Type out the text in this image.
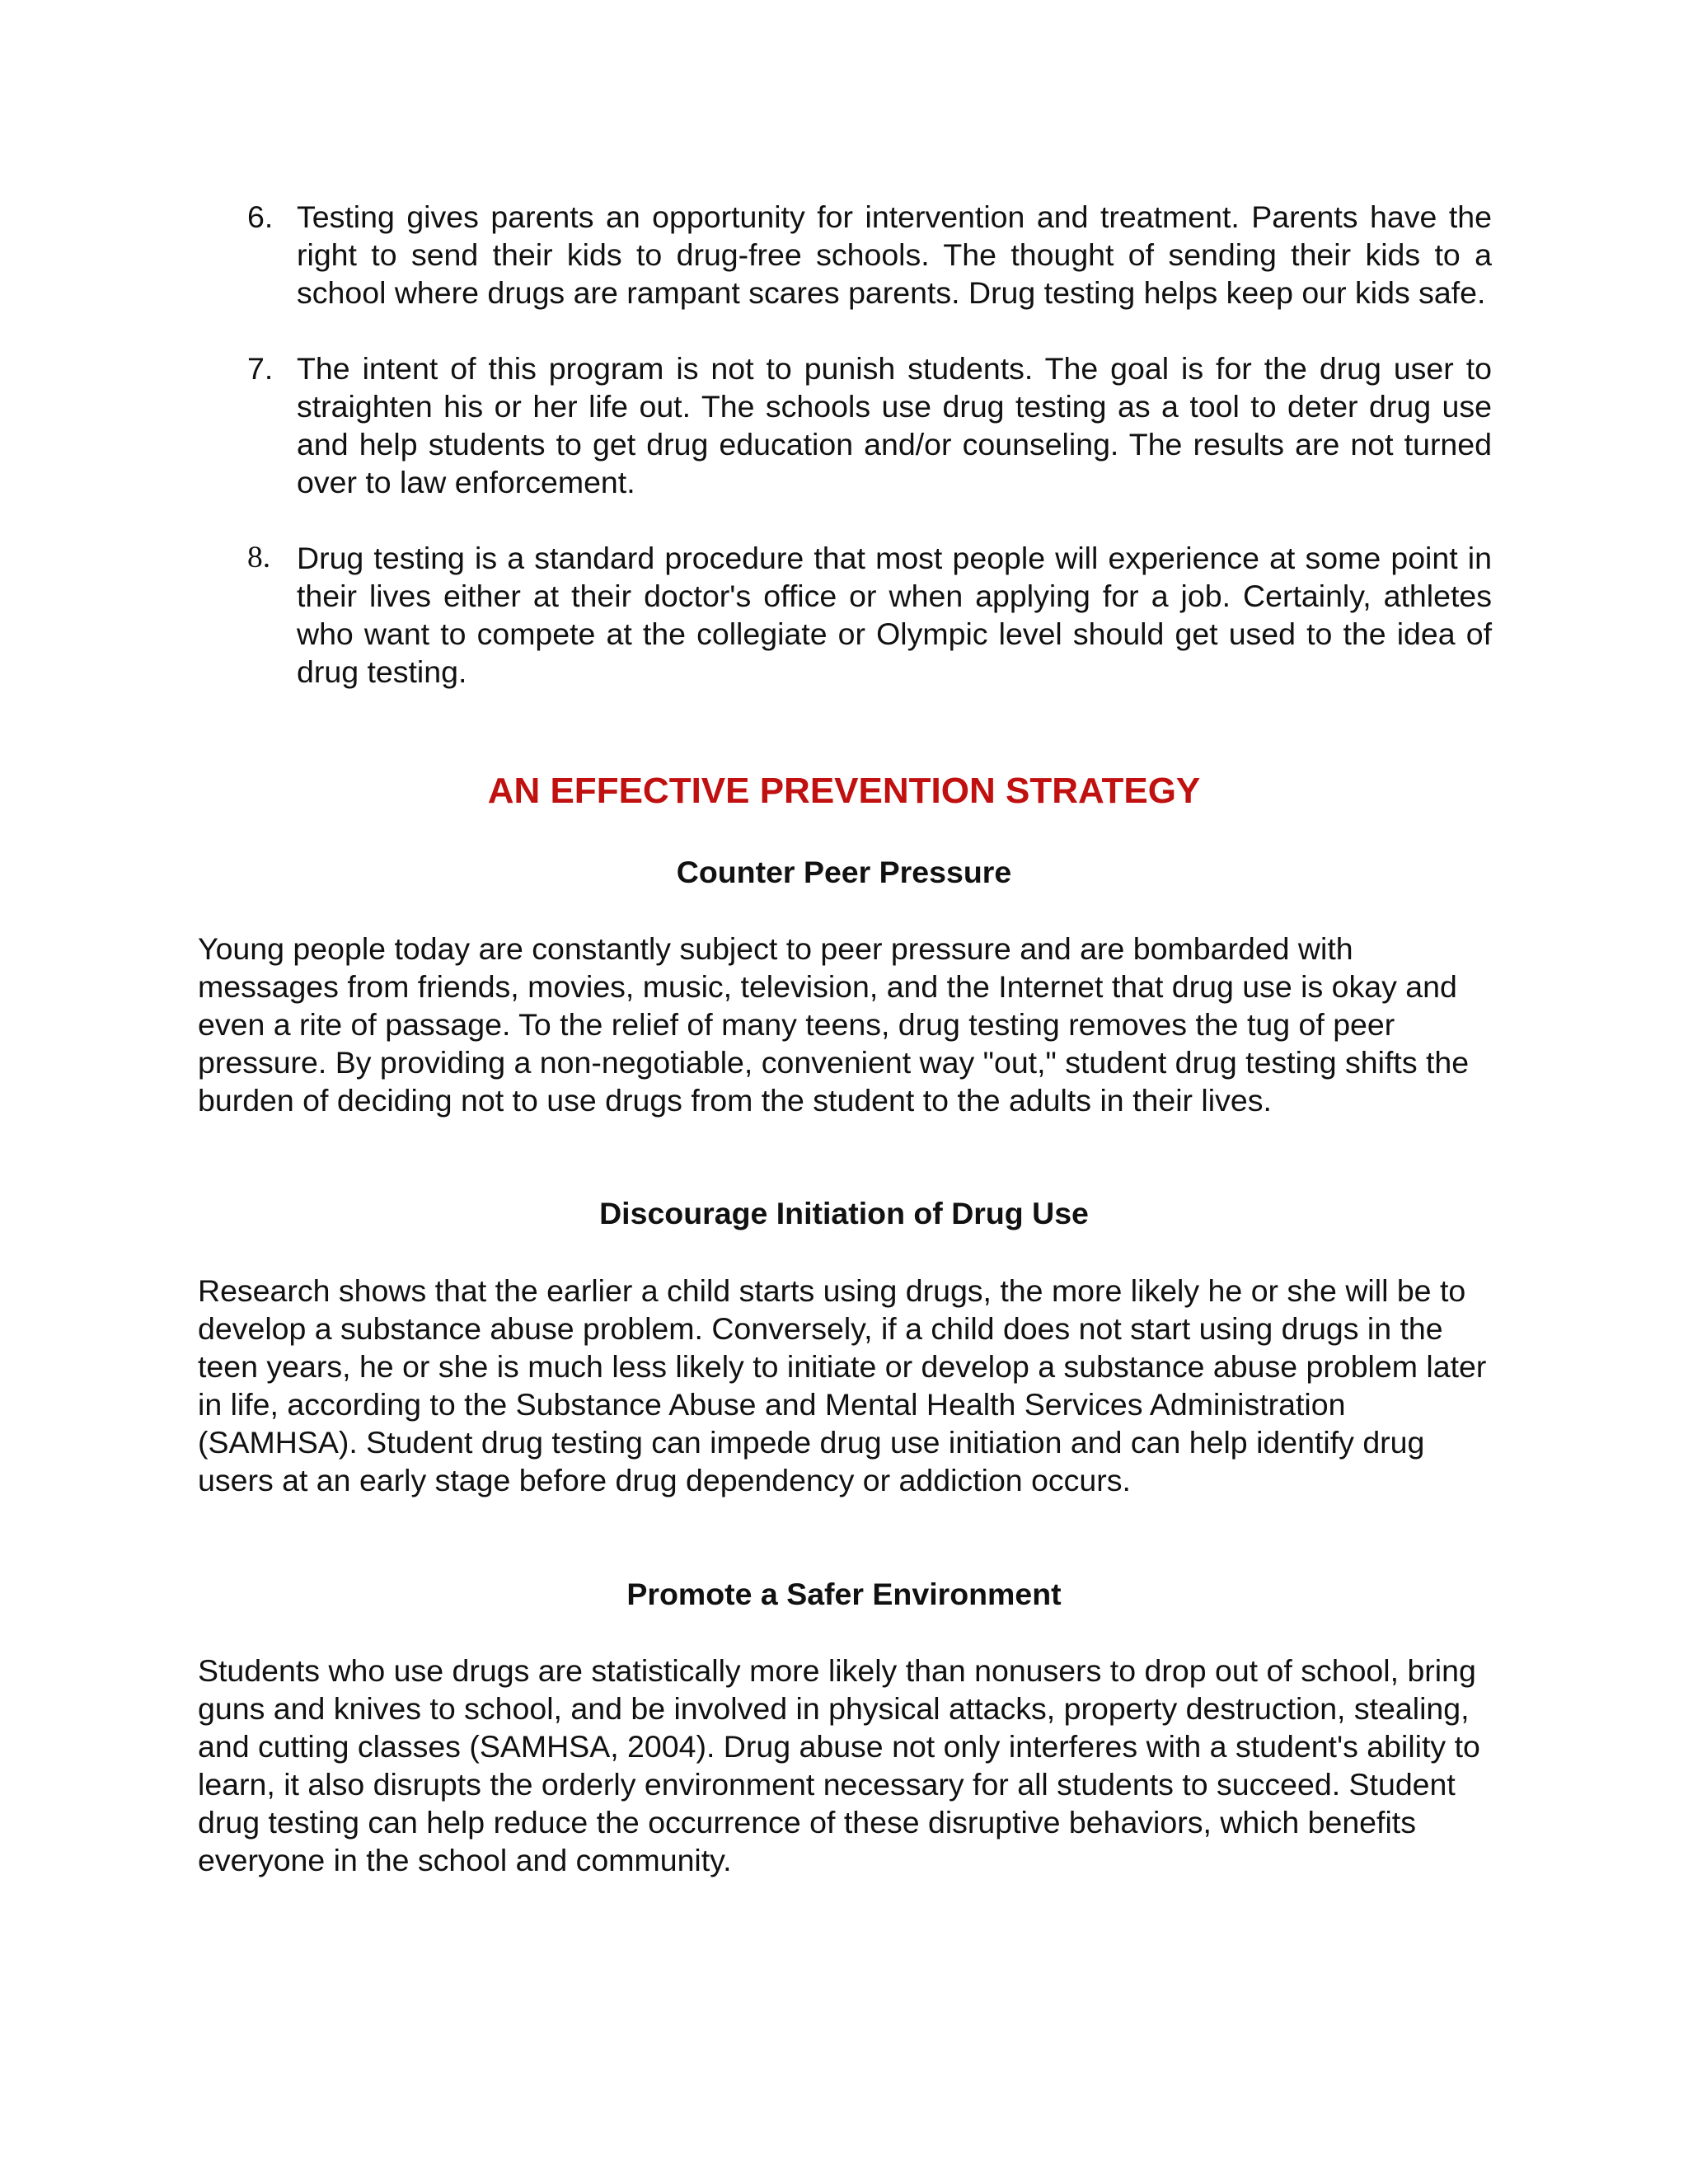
6. Testing gives parents an opportunity for intervention and treatment. Parents have the right to send their kids to drug-free schools. The thought of sending their kids to a school where drugs are rampant scares parents. Drug testing helps keep our kids safe.
7. The intent of this program is not to punish students. The goal is for the drug user to straighten his or her life out. The schools use drug testing as a tool to deter drug use and help students to get drug education and/or counseling. The results are not turned over to law enforcement.
8. Drug testing is a standard procedure that most people will experience at some point in their lives either at their doctor's office or when applying for a job. Certainly, athletes who want to compete at the collegiate or Olympic level should get used to the idea of drug testing.
AN EFFECTIVE PREVENTION STRATEGY
Counter Peer Pressure

Young people today are constantly subject to peer pressure and are bombarded with messages from friends, movies, music, television, and the Internet that drug use is okay and even a rite of passage. To the relief of many teens, drug testing removes the tug of peer pressure. By providing a non-negotiable, convenient way "out," student drug testing shifts the burden of deciding not to use drugs from the student to the adults in their lives.

Discourage Initiation of Drug Use

Research shows that the earlier a child starts using drugs, the more likely he or she will be to develop a substance abuse problem. Conversely, if a child does not start using drugs in the teen years, he or she is much less likely to initiate or develop a substance abuse problem later in life, according to the Substance Abuse and Mental Health Services Administration (SAMHSA). Student drug testing can impede drug use initiation and can help identify drug users at an early stage before drug dependency or addiction occurs.

Promote a Safer Environment

Students who use drugs are statistically more likely than nonusers to drop out of school, bring guns and knives to school, and be involved in physical attacks, property destruction, stealing, and cutting classes (SAMHSA, 2004). Drug abuse not only interferes with a student's ability to learn, it also disrupts the orderly environment necessary for all students to succeed. Student drug testing can help reduce the occurrence of these disruptive behaviors, which benefits everyone in the school and community.
